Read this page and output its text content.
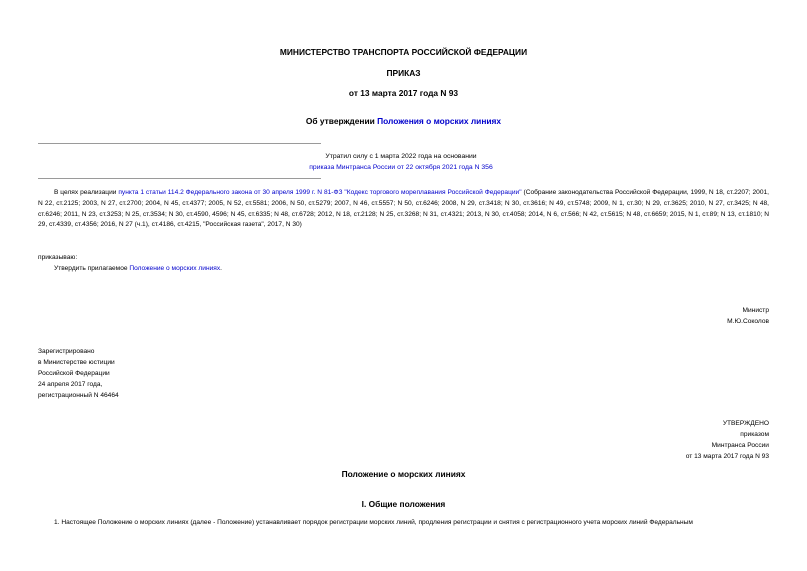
МИНИСТЕРСТВО ТРАНСПОРТА РОССИЙСКОЙ ФЕДЕРАЦИИ
ПРИКАЗ
от 13 марта 2017 года N 93
Об утверждении Положения о морских линиях
Утратил силу с 1 марта 2022 года на основании
приказа Минтранса России от 22 октября 2021 года N 356
В целях реализации пункта 1 статьи 114.2 Федерального закона от 30 апреля 1999 г. N 81-ФЗ "Кодекс торгового мореплавания Российской Федерации" (Собрание законодательства Российской Федерации, 1999, N 18, ст.2207; 2001, N 22, ст.2125; 2003, N 27, ст.2700; 2004, N 45, ст.4377; 2005, N 52, ст.5581; 2006, N 50, ст.5279; 2007, N 46, ст.5557; N 50, ст.6246; 2008, N 29, ст.3418; N 30, ст.3616; N 49, ст.5748; 2009, N 1, ст.30; N 29, ст.3625; 2010, N 27, ст.3425; N 48, ст.6246; 2011, N 23, ст.3253; N 25, ст.3534; N 30, ст.4590, 4596; N 45, ст.6335; N 48, ст.6728; 2012, N 18, ст.2128; N 25, ст.3268; N 31, ст.4321; 2013, N 30, ст.4058; 2014, N 6, ст.566; N 42, ст.5615; N 48, ст.6659; 2015, N 1, ст.89; N 13, ст.1810; N 29, ст.4339, ст.4356; 2016, N 27 (ч.1), ст.4186, ст.4215, "Российская газета", 2017, N 30)
приказываю:
Утвердить прилагаемое Положение о морских линиях.
Министр
М.Ю.Соколов
Зарегистрировано
в Министерстве юстиции
Российской Федерации
24 апреля 2017 года,
регистрационный N 46464
УТВЕРЖДЕНО
приказом
Минтранса России
от 13 марта 2017 года N 93
Положение о морских линиях
I. Общие положения
1. Настоящее Положение о морских линиях (далее - Положение) устанавливает порядок регистрации морских линий, продления регистрации и снятия с регистрационного учета морских линий Федеральным
